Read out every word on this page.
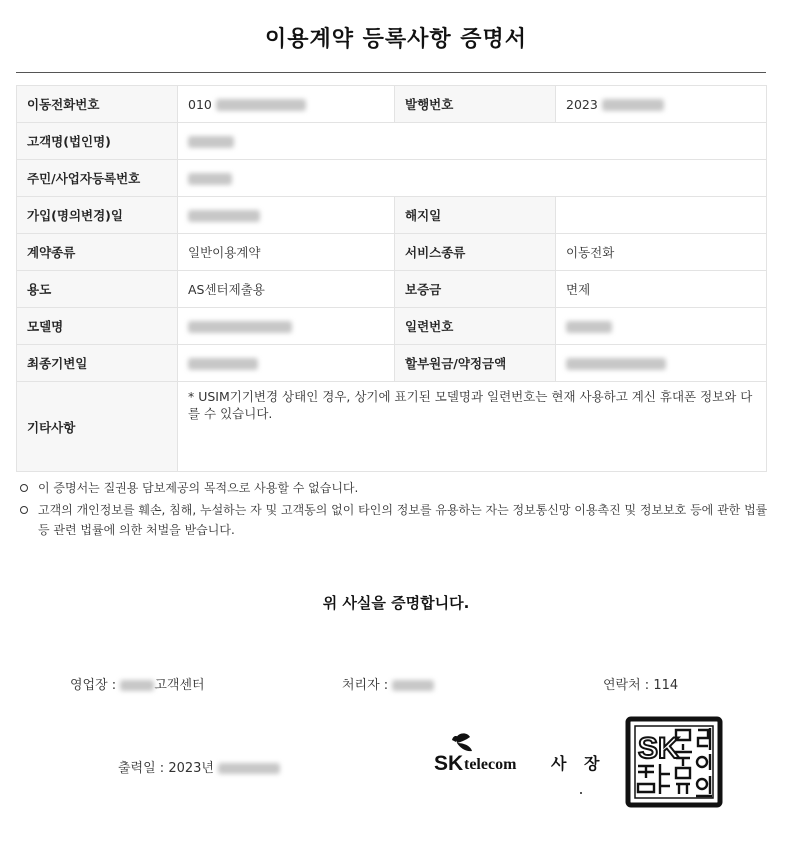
이용계약 등록사항 증명서
이동전화번호	010	발행번호	2023
고객명(법인명)			
주민/사업자등록번호			
가입(명의변경)일		해지일	
계약종류	일반이용계약	서비스종류	이동전화
용도	AS센터제출용	보증금	면제
모델명		일련번호	
최종기변일		할부원금/약정금액	
기타사항	* USIM기기변경 상태인 경우, 상기에 표기된 모델명과 일련번호는 현재 사용하고 계신 휴대폰 정보와 다를 수 있습니다.		
이 증명서는 질권용 담보제공의 목적으로 사용할 수 없습니다.
고객의 개인정보를 훼손, 침해, 누설하는 자 및 고객동의 없이 타인의 정보를 유용하는 자는 정보통신망 이용촉진 및 정보보호 등에 관한 법률 등 관련 법률에 의한 처벌을 받습니다.
위 사실을 증명합니다.
영업장 :	고객센터	처리자 :	연락처 : 114
출력일 : 2023년	SK telecom 사 장 SK
